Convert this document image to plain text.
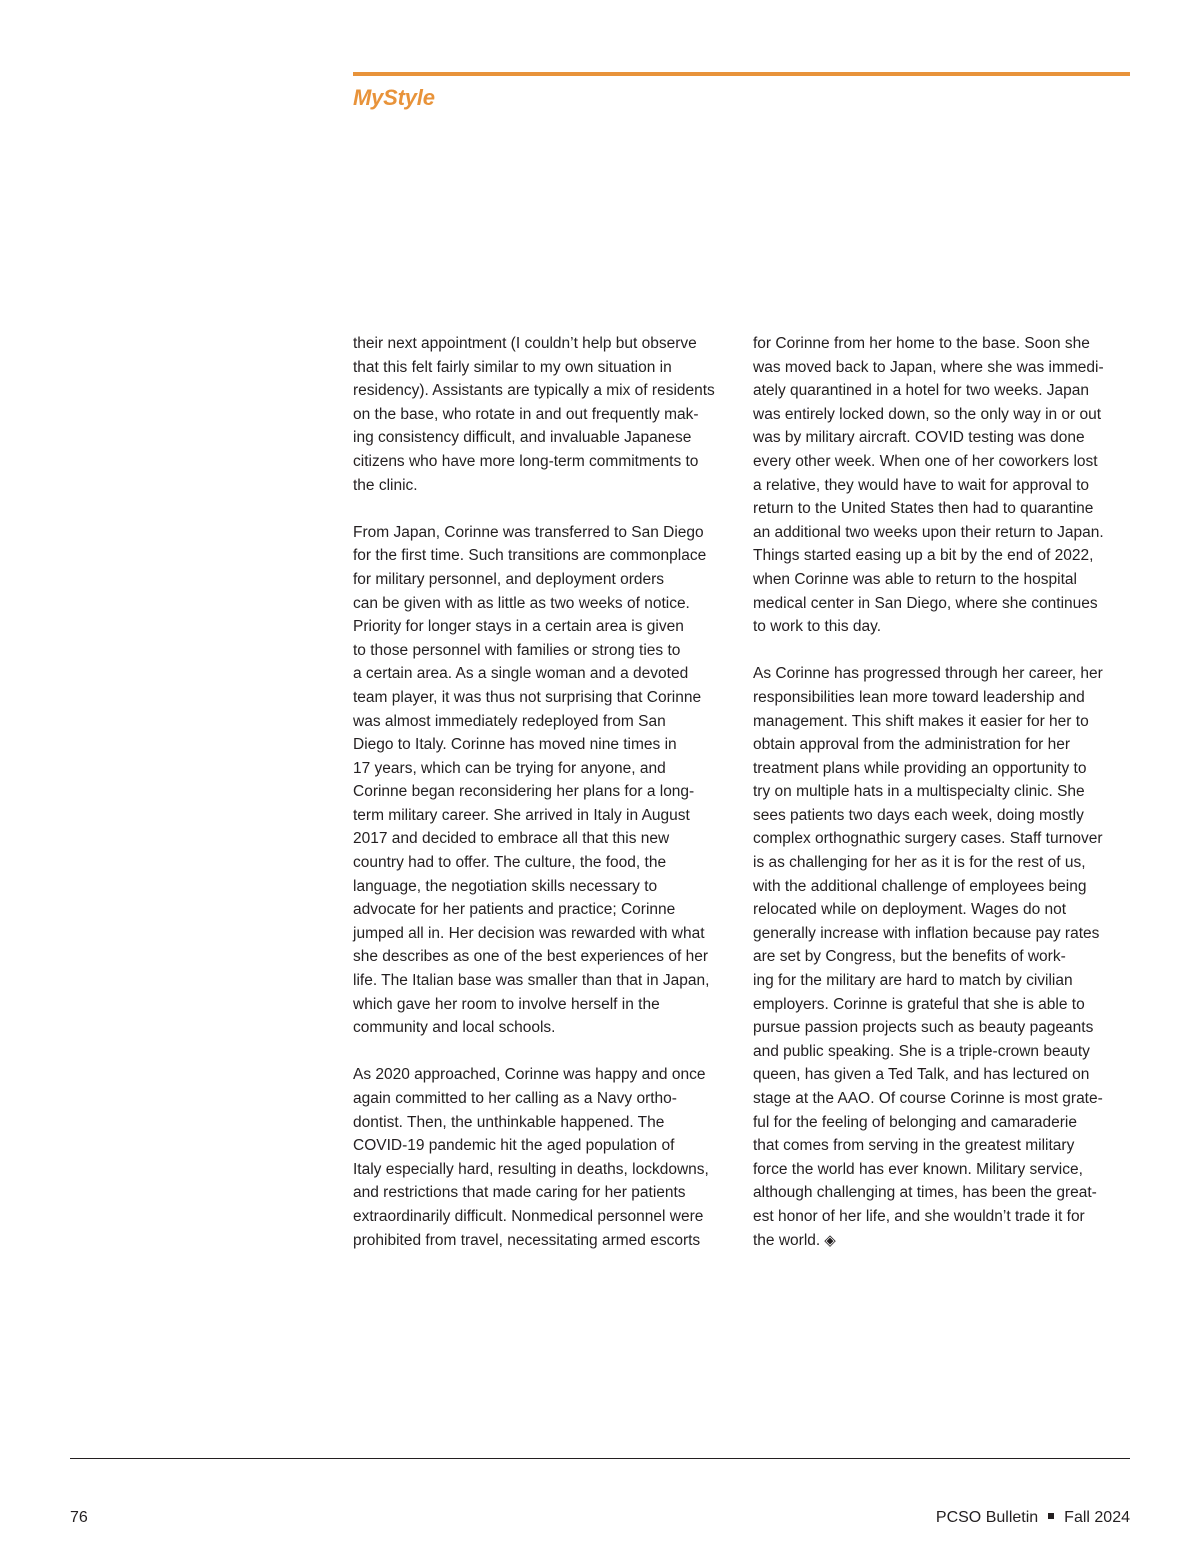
MyStyle
their next appointment (I couldn’t help but observe
that this felt fairly similar to my own situation in
residency). Assistants are typically a mix of residents
on the base, who rotate in and out frequently mak-
ing consistency difficult, and invaluable Japanese
citizens who have more long-term commitments to
the clinic.
From Japan, Corinne was transferred to San Diego
for the first time. Such transitions are commonplace
for military personnel, and deployment orders
can be given with as little as two weeks of notice.
Priority for longer stays in a certain area is given
to those personnel with families or strong ties to
a certain area. As a single woman and a devoted
team player, it was thus not surprising that Corinne
was almost immediately redeployed from San
Diego to Italy. Corinne has moved nine times in
17 years, which can be trying for anyone, and
Corinne began reconsidering her plans for a long-
term military career. She arrived in Italy in August
2017 and decided to embrace all that this new
country had to offer. The culture, the food, the
language, the negotiation skills necessary to
advocate for her patients and practice; Corinne
jumped all in. Her decision was rewarded with what
she describes as one of the best experiences of her
life. The Italian base was smaller than that in Japan,
which gave her room to involve herself in the
community and local schools.
As 2020 approached, Corinne was happy and once
again committed to her calling as a Navy ortho-
dontist. Then, the unthinkable happened. The
COVID-19 pandemic hit the aged population of
Italy especially hard, resulting in deaths, lockdowns,
and restrictions that made caring for her patients
extraordinarily difficult. Nonmedical personnel were
prohibited from travel, necessitating armed escorts
for Corinne from her home to the base. Soon she
was moved back to Japan, where she was immedi-
ately quarantined in a hotel for two weeks. Japan
was entirely locked down, so the only way in or out
was by military aircraft. COVID testing was done
every other week. When one of her coworkers lost
a relative, they would have to wait for approval to
return to the United States then had to quarantine
an additional two weeks upon their return to Japan.
Things started easing up a bit by the end of 2022,
when Corinne was able to return to the hospital
medical center in San Diego, where she continues
to work to this day.
As Corinne has progressed through her career, her
responsibilities lean more toward leadership and
management. This shift makes it easier for her to
obtain approval from the administration for her
treatment plans while providing an opportunity to
try on multiple hats in a multispecialty clinic. She
sees patients two days each week, doing mostly
complex orthognathic surgery cases. Staff turnover
is as challenging for her as it is for the rest of us,
with the additional challenge of employees being
relocated while on deployment. Wages do not
generally increase with inflation because pay rates
are set by Congress, but the benefits of work-
ing for the military are hard to match by civilian
employers. Corinne is grateful that she is able to
pursue passion projects such as beauty pageants
and public speaking. She is a triple-crown beauty
queen, has given a Ted Talk, and has lectured on
stage at the AAO. Of course Corinne is most grate-
ful for the feeling of belonging and camaraderie
that comes from serving in the greatest military
force the world has ever known. Military service,
although challenging at times, has been the great-
est honor of her life, and she wouldn’t trade it for
the world. ◈
76	PCSO Bulletin Fall 2024
